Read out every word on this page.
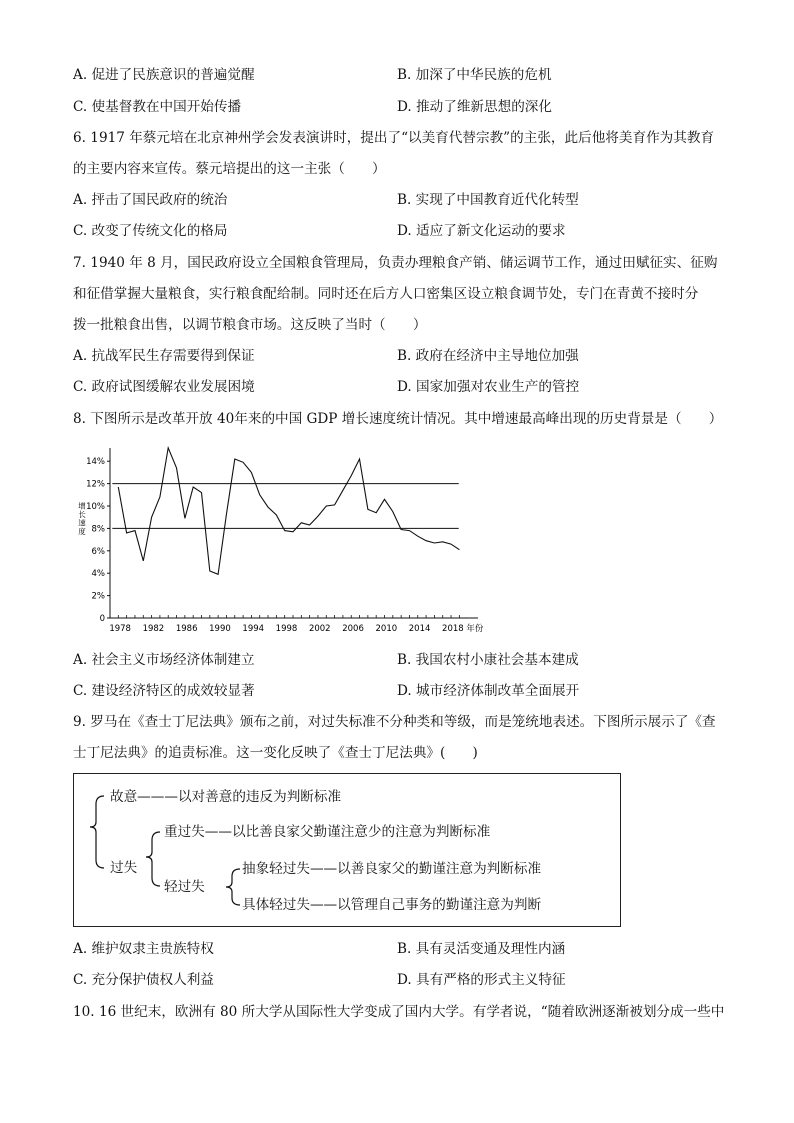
A. 促进了民族意识的普遍觉醒	B. 加深了中华民族的危机
C. 使基督教在中国开始传播	D. 推动了维新思想的深化
6. 1917 年蔡元培在北京神州学会发表演讲时，提出了“以美育代替宗教”的主张，此后他将美育作为其教育
的主要内容来宣传。蔡元培提出的这一主张（　　）
A. 抨击了国民政府的统治	B. 实现了中国教育近代化转型
C. 改变了传统文化的格局	D. 适应了新文化运动的要求
7. 1940 年 8 月，国民政府设立全国粮食管理局，负责办理粮食产销、储运调节工作，通过田赋征实、征购
和征借掌握大量粮食，实行粮食配给制。同时还在后方人口密集区设立粮食调节处，专门在青黄不接时分
拨一批粮食出售，以调节粮食市场。这反映了当时（　　）
A. 抗战军民生存需要得到保证	B. 政府在经济中主导地位加强
C. 政府试图缓解农业发展困境	D. 国家加强对农业生产的管控
8. 下图所示是改革开放 40年来的中国 GDP 增长速度统计情况。其中增速最高峰出现的历史背景是（　　）
0
2%
4%
6%
8%
10%
12%
14%
1978 1982 1986 1990 1994 1998 2002 2006 2010 2014 2018 年份
增长速度
A. 社会主义市场经济体制建立	B. 我国农村小康社会基本建成
C. 建设经济特区的成效较显著	D. 城市经济体制改革全面展开
9. 罗马在《查士丁尼法典》颁布之前，对过失标准不分种类和等级，而是笼统地表述。下图所示展示了《查
士丁尼法典》的追责标准。这一变化反映了《查士丁尼法典》(　　)
故意———以对善意的违反为判断标准
过失
重过失——以比善良家父勤谨注意少的注意为判断标准
轻过失
抽象轻过失——以善良家父的勤谨注意为判断标准
具体轻过失——以管理自己事务的勤谨注意为判断
A. 维护奴隶主贵族特权	B. 具有灵活变通及理性内涵
C. 充分保护债权人利益	D. 具有严格的形式主义特征
10. 16 世纪末，欧洲有 80 所大学从国际性大学变成了国内大学。有学者说，“随着欧洲逐渐被划分成一些中
